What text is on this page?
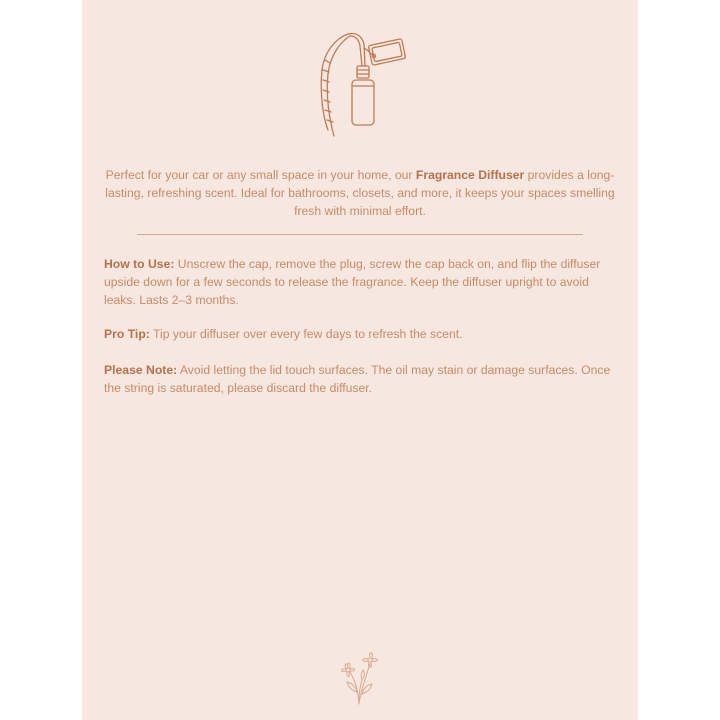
Perfect for your car or any small space in your home, our Fragrance Diffuser provides a long-lasting, refreshing scent. Ideal for bathrooms, closets, and more, it keeps your spaces smelling fresh with minimal effort.

How to Use: Unscrew the cap, remove the plug, screw the cap back on, and flip the diffuser upside down for a few seconds to release the fragrance. Keep the diffuser upright to avoid leaks. Lasts 2–3 months.

Pro Tip: Tip your diffuser over every few days to refresh the scent.

Please Note: Avoid letting the lid touch surfaces. The oil may stain or damage surfaces. Once the string is saturated, please discard the diffuser.
